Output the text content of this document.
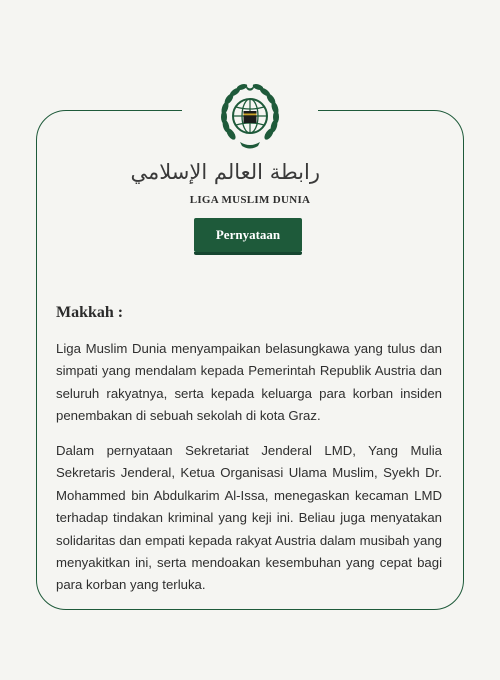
رابطة العالم الإسلامي
LIGA MUSLIM DUNIA
Pernyataan
Makkah :

Liga Muslim Dunia menyampaikan belasungkawa yang tulus dan simpati yang mendalam kepada Pemerintah Republik Austria dan seluruh rakyatnya, serta kepada keluarga para korban insiden penembakan di sebuah sekolah di kota Graz.

Dalam pernyataan Sekretariat Jenderal LMD, Yang Mulia Sekretaris Jenderal, Ketua Organisasi Ulama Muslim, Syekh Dr. Mohammed bin Abdulkarim Al-Issa, menegaskan kecaman LMD terhadap tindakan kriminal yang keji ini. Beliau juga menyatakan solidaritas dan empati kepada rakyat Austria dalam musibah yang menyakitkan ini, serta mendoakan kesembuhan yang cepat bagi para korban yang terluka.
